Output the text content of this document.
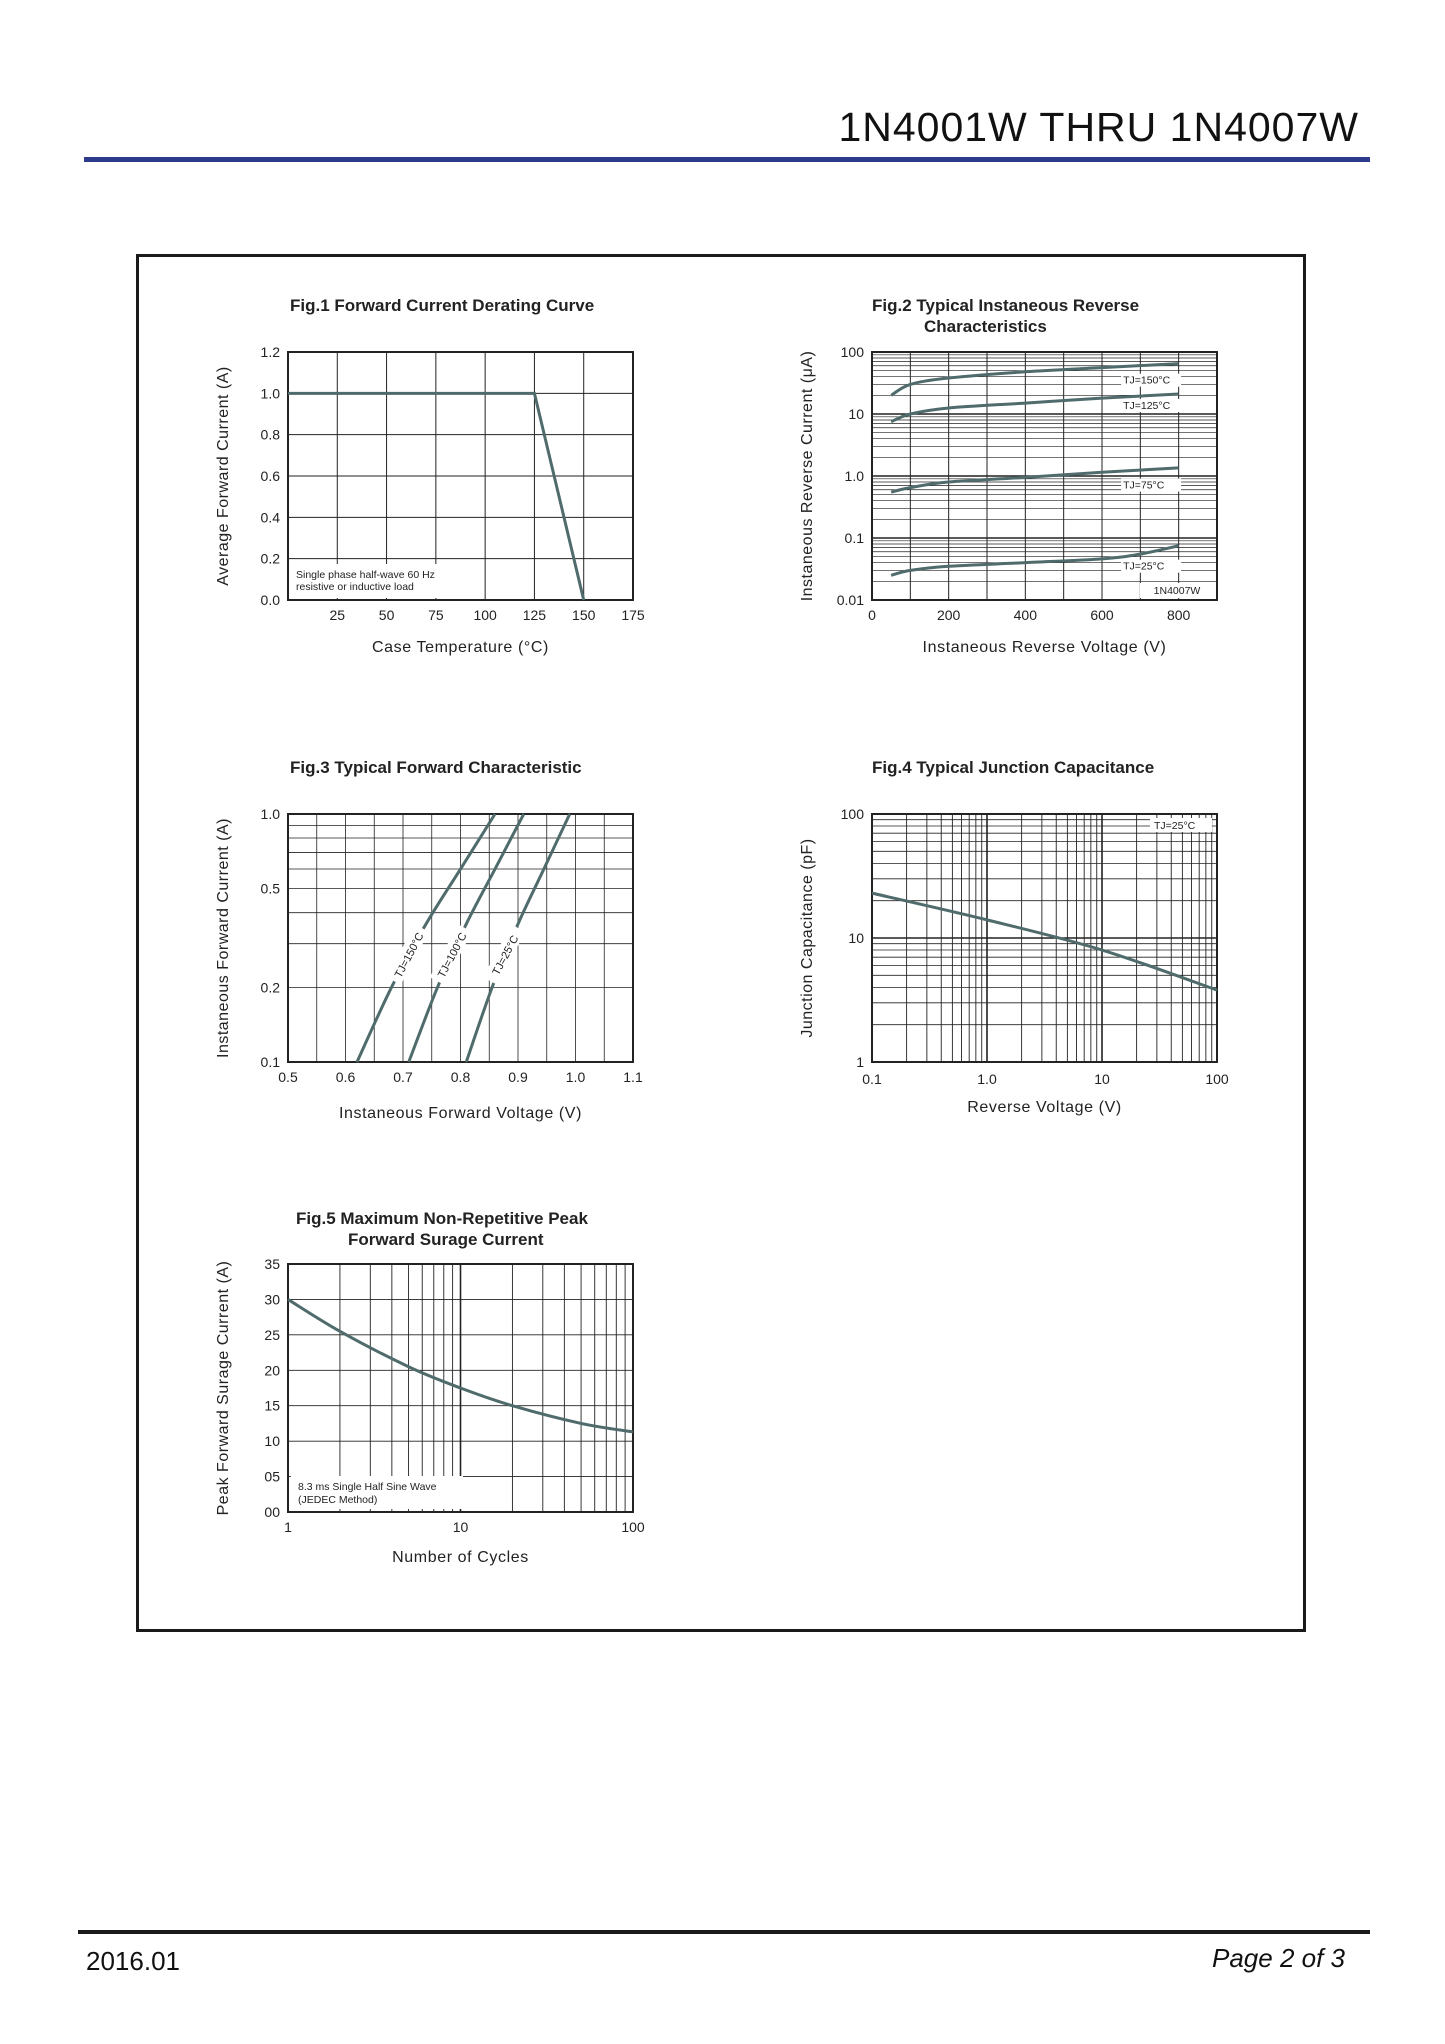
1N4001W THRU 1N4007W
Fig.1 Forward Current Derating Curve
25 50 75 100 125 150 175
0.0
0.2
0.4
0.6
0.8
1.0
1.2
Single phase half-wave 60 Hz
resistive or inductive load
Case Temperature (°C)
Average Forward Current (A)
Fig.2 Typical Instaneous Reverse
Characteristics
0	200	400	600	800
0.01
0.1
1.0
10
100
1N4007W
TJ=150°C
TJ=125°C
TJ=75°C
TJ=25°C
Instaneous Reverse Voltage (V)
Instaneous Reverse Current (μA)
Fig.3 Typical Forward Characteristic
0.5	0.6	0.7	0.8	0.9	1.0	1.1
0.1
0.2
0.5
1.0
TJ=150°C TJ=100°C TJ=25°C
Instaneous Forward Voltage (V)
Instaneous Forward Current (A)
Fig.4 Typical Junction Capacitance
0.1	1.0	10	100
1
10
100
TJ=25°C
Reverse Voltage (V)
Junction Capacitance (pF)
Fig.5 Maximum Non-Repetitive Peak
Forward Surage Current
1	10	100
00
05
10
15
20
25
30
35
8.3 ms Single Half Sine Wave
(JEDEC Method)
Number of Cycles
Peak Forward Surage Current (A)
2016.01	Page 2 of 3
